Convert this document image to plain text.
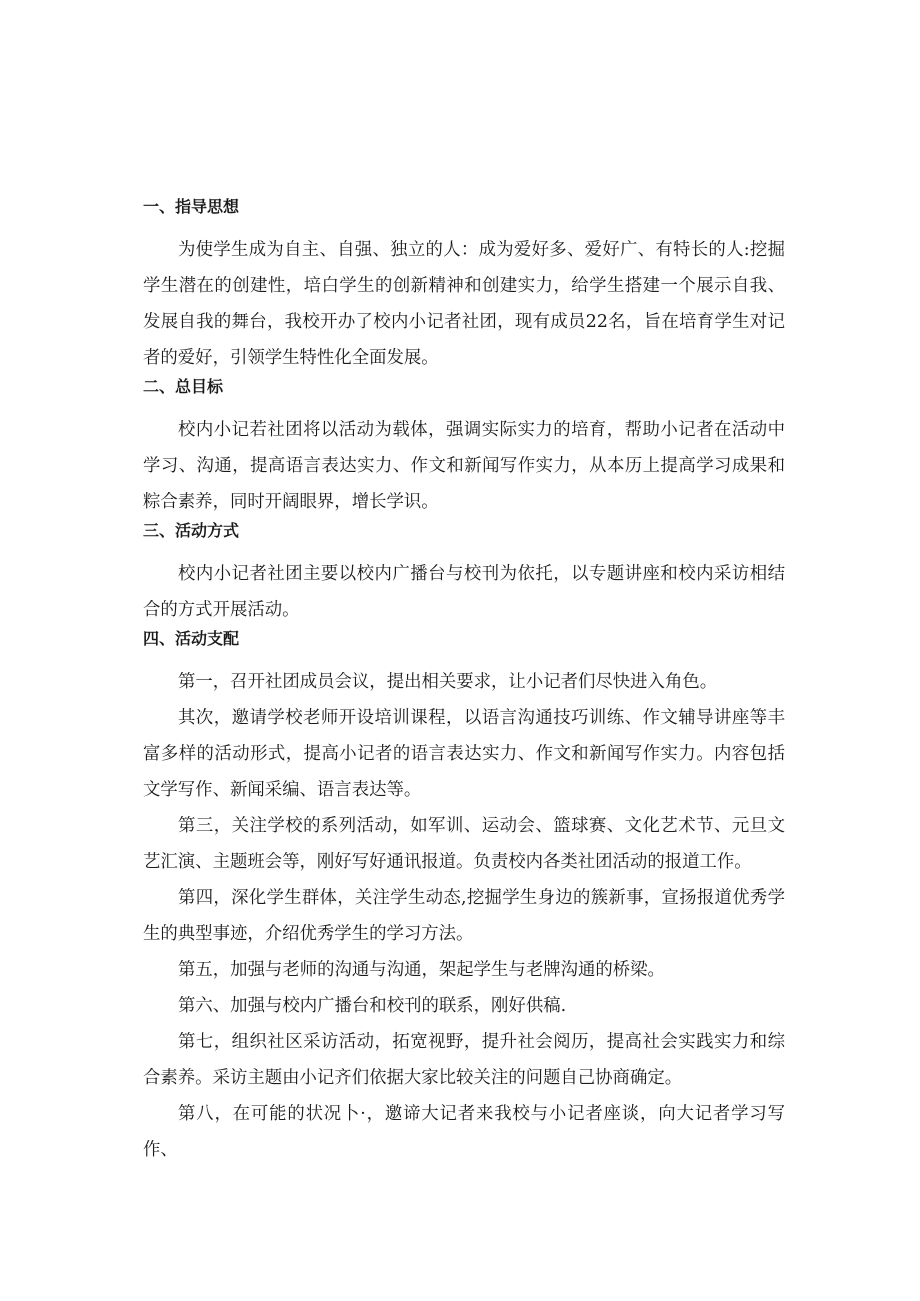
一、指导思想

为使学生成为自主、自强、独立的人：成为爱好多、爱好广、有特长的人:挖掘学生潜在的创建性，培白学生的创新精神和创建实力，给学生搭建一个展示自我、发展自我的舞台，我校开办了校内小记者社团，现有成员22名，旨在培育学生对记者的爱好，引领学生特性化全面发展。

二、总目标

校内小记若社团将以活动为载体，强调实际实力的培育，帮助小记者在活动中学习、沟通，提高语言表达实力、作文和新闻写作实力，从本历上提高学习成果和粽合素养，同时开阔眼界，增长学识。

三、活动方式

校内小记者社团主要以校内广播台与校刊为依托，以专题讲座和校内采访相结合的方式开展活动。

四、活动支配

第一，召开社团成员会议，提出相关要求，让小记者们尽快进入角色。

其次，邀请学校老师开设培训课程，以语言沟通技巧训练、作文辅导讲座等丰富多样的活动形式，提高小记者的语言表达实力、作文和新闻写作实力。内容包括文学写作、新闻采编、语言表达等。

第三，关注学校的系列活动，如军训、运动会、篮球赛、文化艺术节、元旦文艺汇演、主题班会等，刚好写好通讯报道。负责校内各类社团活动的报道工作。

第四，深化学生群体，关注学生动态,挖掘学生身边的簇新事，宣扬报道优秀学生的典型事迹，介绍优秀学生的学习方法。

第五，加强与老师的沟通与沟通，架起学生与老牌沟通的桥梁。

第六、加强与校内广播台和校刊的联系，刚好供稿.

第七，组织社区采访活动，拓宽视野，提升社会阅历，提高社会实践实力和综合素养。采访主题由小记齐们依据大家比较关注的问题自己协商确定。

第八，在可能的状况卜·，邀谛大记者来我校与小记者座谈，向大记者学习写作、
